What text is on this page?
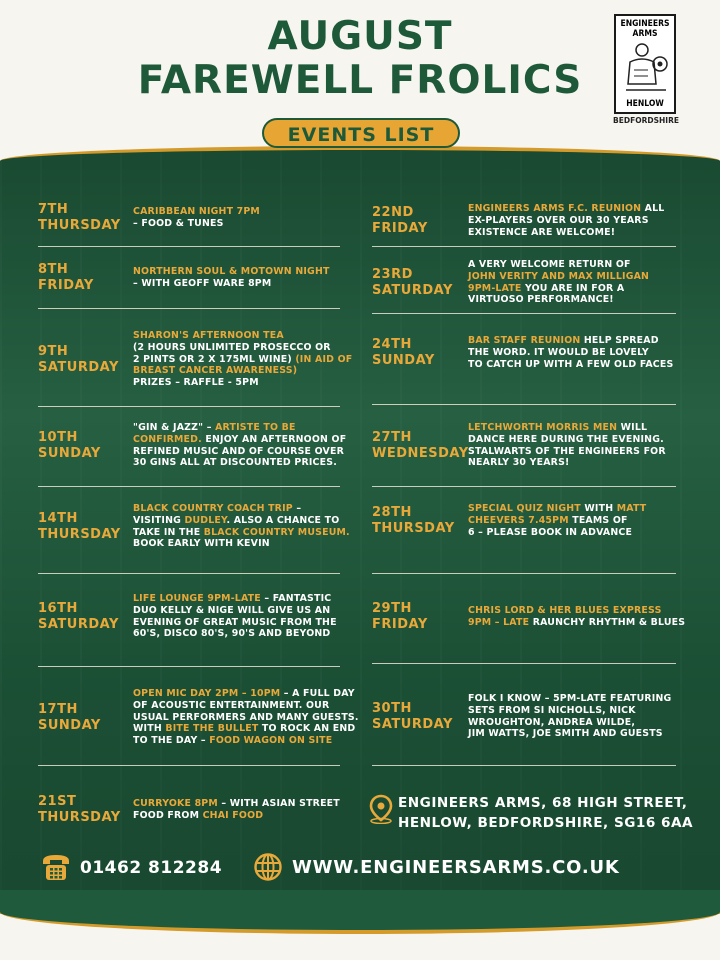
AUGUST
FAREWELL FROLICS
ENGINEERS
ARMS
HENLOW
BEDFORDSHIRE
EVENTS LIST
7TH
THURSDAY
CARIBBEAN NIGHT 7PM
– FOOD & TUNES
8TH
FRIDAY
NORTHERN SOUL & MOTOWN NIGHT
– WITH GEOFF WARE 8PM
9TH
SATURDAY
SHARON'S AFTERNOON TEA
(2 HOURS UNLIMITED PROSECCO OR
2 PINTS OR 2 X 175ML WINE) (IN AID OF
BREAST CANCER AWARENESS)
PRIZES – RAFFLE - 5PM
10TH
SUNDAY
"GIN & JAZZ" – ARTISTE TO BE
CONFIRMED. ENJOY AN AFTERNOON OF
REFINED MUSIC AND OF COURSE OVER
30 GINS ALL AT DISCOUNTED PRICES.
14TH
THURSDAY
BLACK COUNTRY COACH TRIP –
VISITING DUDLEY. ALSO A CHANCE TO
TAKE IN THE BLACK COUNTRY MUSEUM.
BOOK EARLY WITH KEVIN
16TH
SATURDAY
LIFE LOUNGE 9PM-LATE – FANTASTIC
DUO KELLY & NIGE WILL GIVE US AN
EVENING OF GREAT MUSIC FROM THE
60'S, DISCO 80'S, 90'S AND BEYOND
17TH
SUNDAY
OPEN MIC DAY 2PM – 10PM – A FULL DAY
OF ACOUSTIC ENTERTAINMENT. OUR
USUAL PERFORMERS AND MANY GUESTS.
WITH BITE THE BULLET TO ROCK AN END
TO THE DAY – FOOD WAGON ON SITE
21ST
THURSDAY
CURRYOKE 8PM – WITH ASIAN STREET
FOOD FROM CHAI FOOD
22ND
FRIDAY
ENGINEERS ARMS F.C. REUNION ALL
EX-PLAYERS OVER OUR 30 YEARS
EXISTENCE ARE WELCOME!
23RD
SATURDAY
A VERY WELCOME RETURN OF
JOHN VERITY AND MAX MILLIGAN
9PM-LATE YOU ARE IN FOR A
VIRTUOSO PERFORMANCE!
24TH
SUNDAY
BAR STAFF REUNION HELP SPREAD
THE WORD. IT WOULD BE LOVELY
TO CATCH UP WITH A FEW OLD FACES
27TH
WEDNESDAY
LETCHWORTH MORRIS MEN WILL
DANCE HERE DURING THE EVENING.
STALWARTS OF THE ENGINEERS FOR
NEARLY 30 YEARS!
28TH
THURSDAY
SPECIAL QUIZ NIGHT WITH MATT
CHEEVERS 7.45PM TEAMS OF
6 – PLEASE BOOK IN ADVANCE
29TH
FRIDAY
CHRIS LORD & HER BLUES EXPRESS
9PM – LATE RAUNCHY RHYTHM & BLUES
30TH
SATURDAY
FOLK I KNOW – 5PM-LATE FEATURING
SETS FROM SI NICHOLLS, NICK
WROUGHTON, ANDREA WILDE,
JIM WATTS, JOE SMITH AND GUESTS
ENGINEERS ARMS, 68 HIGH STREET,
HENLOW, BEDFORDSHIRE, SG16 6AA
01462 812284	WWW.ENGINEERSARMS.CO.UK
